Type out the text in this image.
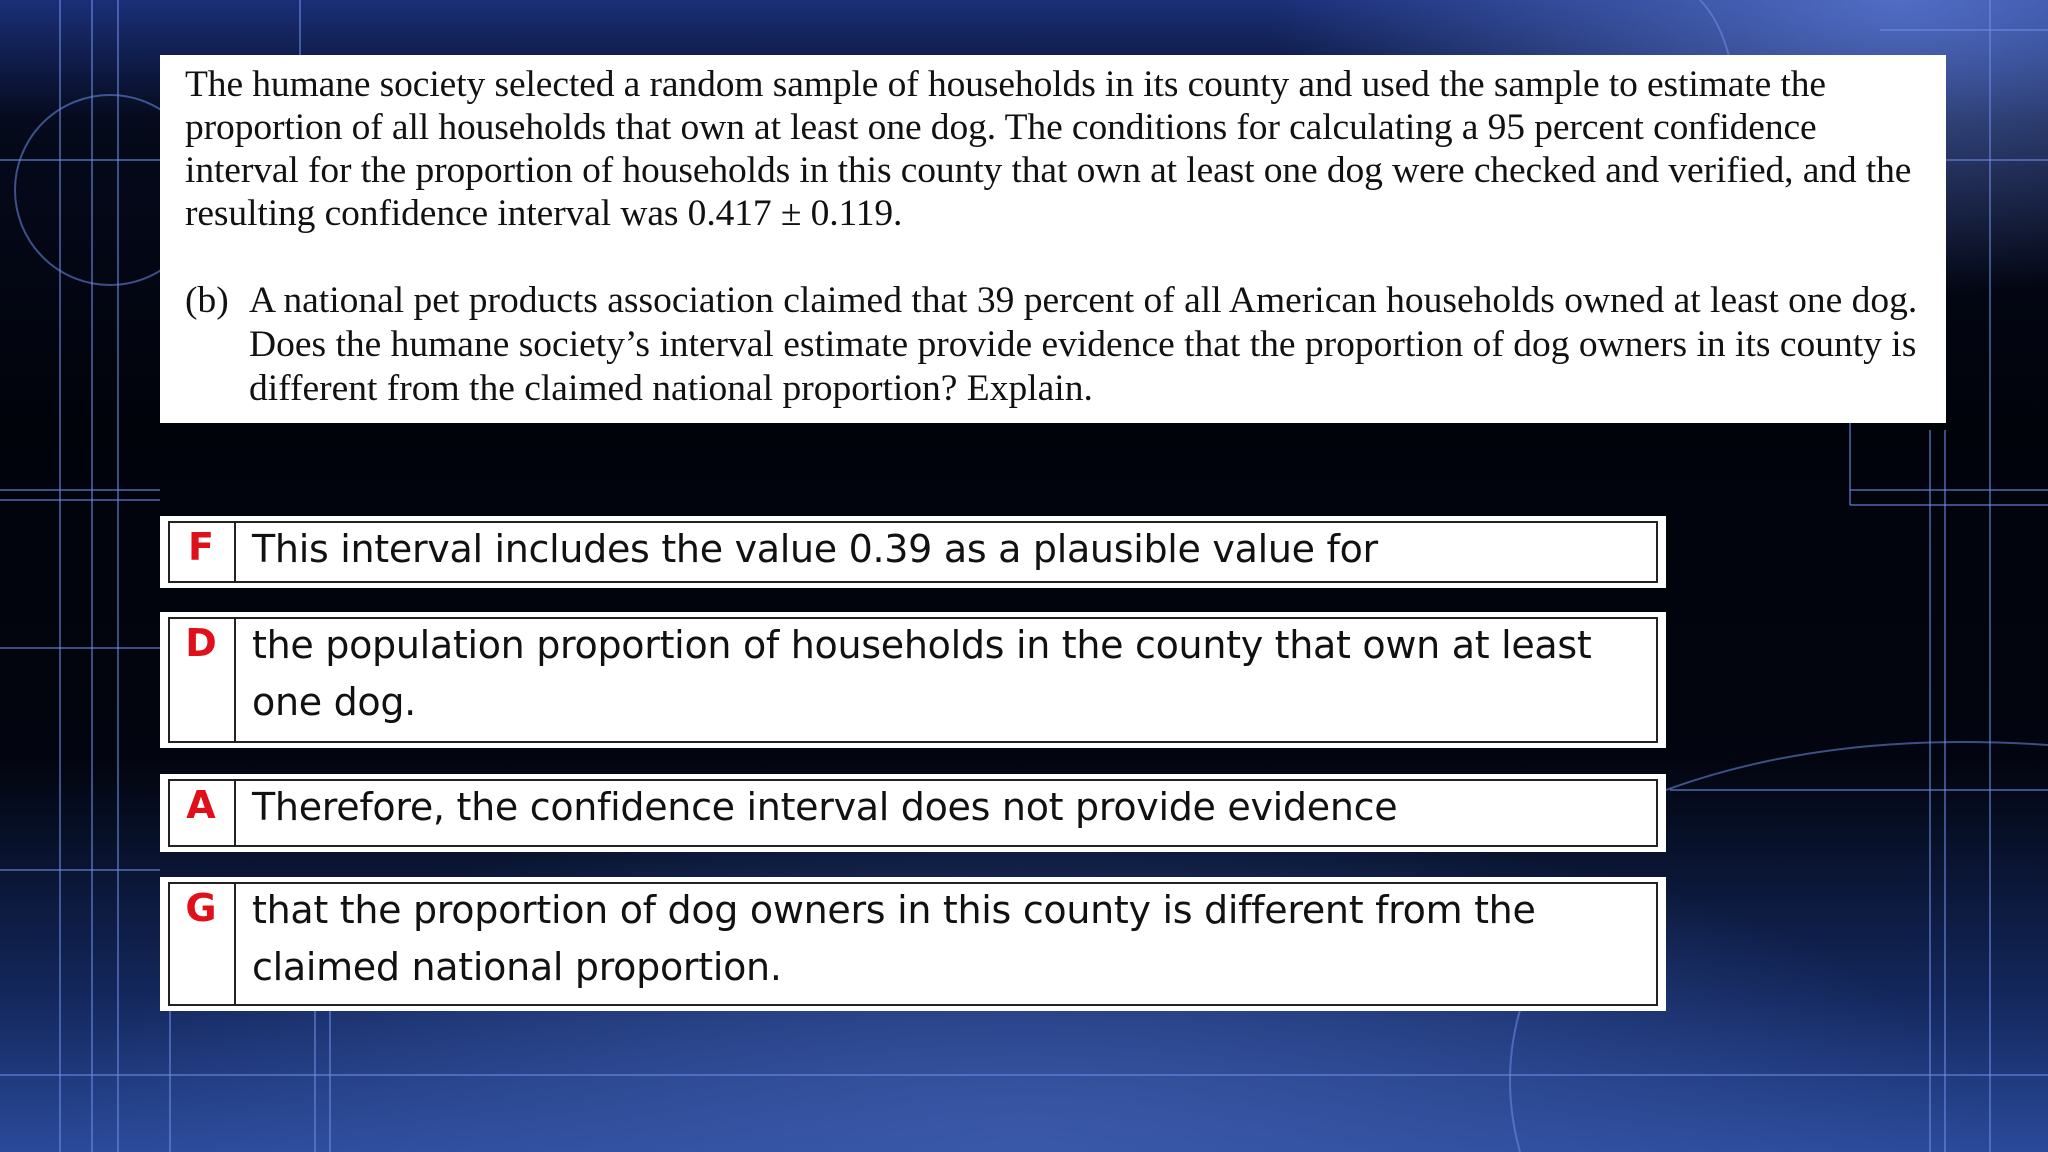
The humane society selected a random sample of households in its county and used the sample to estimate the proportion of all households that own at least one dog. The conditions for calculating a 95 percent confidence interval for the proportion of households in this county that own at least one dog were checked and verified, and the resulting confidence interval was 0.417 ± 0.119.

(b) A national pet products association claimed that 39 percent of all American households owned at least one dog. Does the humane society’s interval estimate provide evidence that the proportion of dog owners in its county is different from the claimed national proportion? Explain.
F	This interval includes the value 0.39 as a plausible value for
D the population proportion of households in the county that own at least one dog.
A Therefore, the confidence interval does not provide evidence
G that the proportion of dog owners in this county is different from the claimed national proportion.
